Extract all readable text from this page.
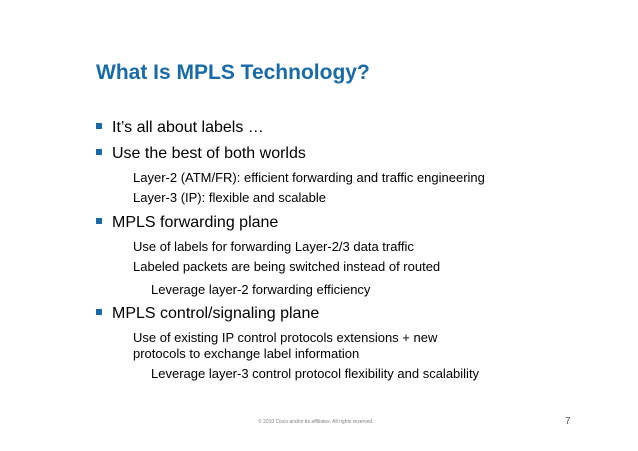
What Is MPLS Technology?
It’s all about labels …
Use the best of both worlds
Layer-2 (ATM/FR): efficient forwarding and traffic engineering
Layer-3 (IP): flexible and scalable
MPLS forwarding plane
Use of labels for forwarding Layer-2/3 data traffic
Labeled packets are being switched instead of routed
Leverage layer-2 forwarding efficiency
MPLS control/signaling plane
Use of existing IP control protocols extensions + new
protocols to exchange label information
Leverage layer-3 control protocol flexibility and scalability
© 2010 Cisco and/or its affiliates. All rights reserved.	7
